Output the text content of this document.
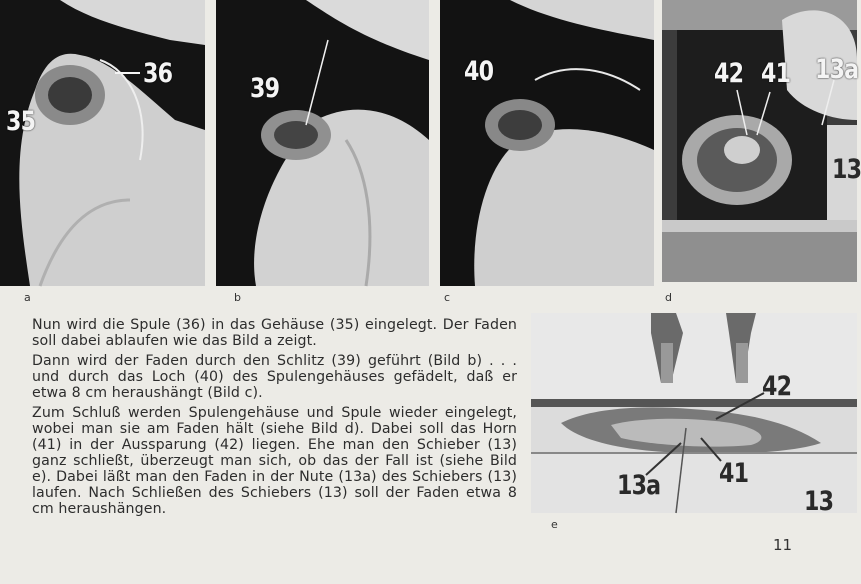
35
36
a
39
b
40
c
42 41 13a
13
d
42
41
13a
13
e

Nun wird die Spule (36) in das Gehäuse (35) eingelegt. Der Faden soll dabei ablaufen wie das Bild a zeigt.

Dann wird der Faden durch den Schlitz (39) geführt (Bild b) . . . und durch das Loch (40) des Spulengehäuses gefädelt, daß er etwa 8 cm heraushängt (Bild c).

Zum Schluß werden Spulengehäuse und Spule wieder eingelegt, wobei man sie am Faden hält (siehe Bild d). Dabei soll das Horn (41) in der Aussparung (42) liegen. Ehe man den Schieber (13) ganz schließt, überzeugt man sich, ob das der Fall ist (siehe Bild e). Dabei läßt man den Faden in der Nute (13a) des Schiebers (13) laufen. Nach Schließen des Schiebers (13) soll der Faden etwa 8 cm heraushängen.

11
